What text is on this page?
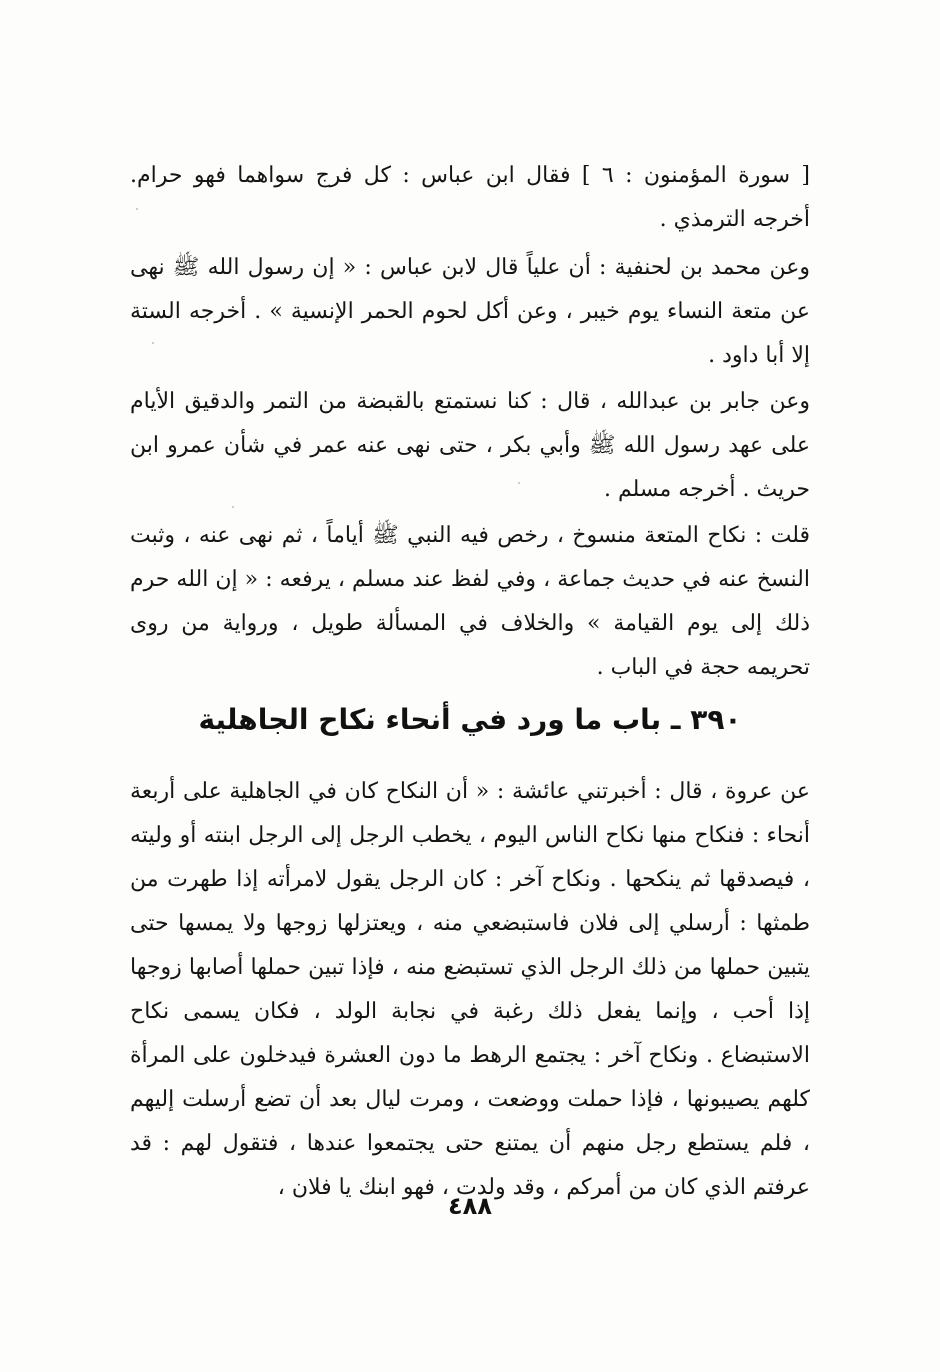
[ سورة المؤمنون : ٦ ] فقال ابن عباس : كل فرج سواهما فهو حرام. أخرجه الترمذي .
وعن محمد بن لحنفية : أن علياً قال لابن عباس : « إن رسول الله ﷺ نهى عن متعة النساء يوم خيبر ، وعن أكل لحوم الحمر الإنسية » . أخرجه الستة إلا أبا داود .
وعن جابر بن عبدالله ، قال : كنا نستمتع بالقبضة من التمر والدقيق الأيام على عهد رسول الله ﷺ وأبي بكر ، حتى نهى عنه عمر في شأن عمرو ابن حريث . أخرجه مسلم .
قلت : نكاح المتعة منسوخ ، رخص فيه النبي ﷺ أياماً ، ثم نهى عنه ، وثبت النسخ عنه في حديث جماعة ، وفي لفظ عند مسلم ، يرفعه : « إن الله حرم ذلك إلى يوم القيامة » والخلاف في المسألة طويل ، ورواية من روى تحريمه حجة في الباب .
٣٩٠ ـ باب ما ورد في أنحاء نكاح الجاهلية
عن عروة ، قال : أخبرتني عائشة : « أن النكاح كان في الجاهلية على أربعة أنحاء : فنكاح منها نكاح الناس اليوم ، يخطب الرجل إلى الرجل ابنته أو وليته ، فيصدقها ثم ينكحها . ونكاح آخر : كان الرجل يقول لامرأته إذا طهرت من طمثها : أرسلي إلى فلان فاستبضعي منه ، ويعتزلها زوجها ولا يمسها حتى يتبين حملها من ذلك الرجل الذي تستبضع منه ، فإذا تبين حملها أصابها زوجها إذا أحب ، وإنما يفعل ذلك رغبة في نجابة الولد ، فكان يسمى نكاح الاستبضاع . ونكاح آخر : يجتمع الرهط ما دون العشرة فيدخلون على المرأة كلهم يصيبونها ، فإذا حملت ووضعت ، ومرت ليال بعد أن تضع أرسلت إليهم ، فلم يستطع رجل منهم أن يمتنع حتى يجتمعوا عندها ، فتقول لهم : قد عرفتم الذي كان من أمركم ، وقد ولدت ، فهو ابنك يا فلان ،
٤٨٨
